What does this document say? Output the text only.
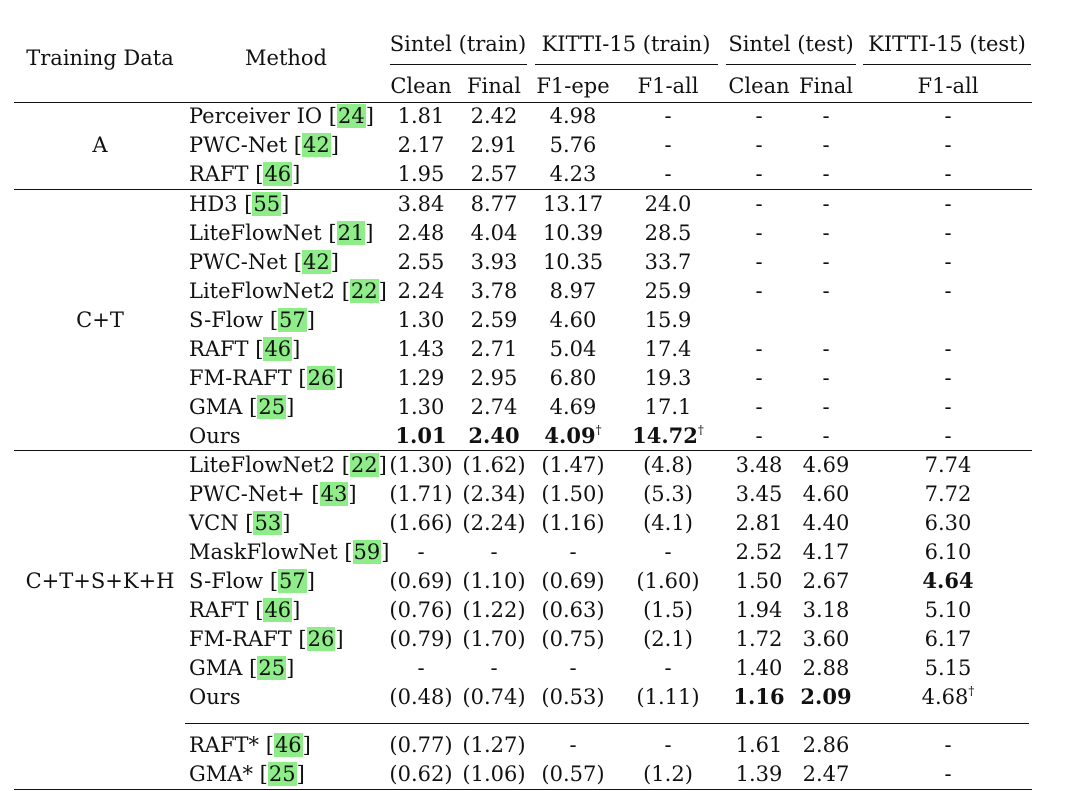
Training Data	Method
Sintel (train) KITTI-15 (train) Sintel (test) KITTI-15 (test)
Clean Final F1-epe F1-all Clean Final	F1-all
A
Perceiver IO [24] 1.81 2.42 4.98	-	-	-	-
PWC-Net [42]	2.17 2.91 5.76	-	-	-	-
RAFT [46]	1.95 2.57 4.23	-	-	-	-
C+T
HD3 [55]	3.84 8.77 13.17 24.0	-	-	-
LiteFlowNet [21] 2.48 4.04 10.39 28.5	-	-	-
PWC-Net [42]	2.55 3.93 10.35 33.7	-	-	-
LiteFlowNet2 [22] 2.24 3.78 8.97 25.9	-	-	-
S-Flow [57]	1.30 2.59 4.60 15.9
RAFT [46]	1.43 2.71 5.04 17.4	-	-	-
FM-RAFT [26]	1.29 2.95 6.80 19.3	-	-	-
GMA [25]	1.30 2.74 4.69 17.1	-	-	-
Ours	1.01 2.40 4.09† 14.72† -	-	-
C+T+S+K+H
LiteFlowNet2 [22] (1.30) (1.62) (1.47) (4.8) 3.48 4.69	7.74
PWC-Net+ [43] (1.71) (2.34) (1.50) (5.3) 3.45 4.60	7.72
VCN [53]	(1.66) (2.24) (1.16) (4.1) 2.81 4.40	6.30
MaskFlowNet [59] -	-	-	-	2.52 4.17	6.10
S-Flow [57]	(0.69) (1.10) (0.69) (1.60) 1.50 2.67	4.64
RAFT [46]	(0.76) (1.22) (0.63) (1.5) 1.94 3.18	5.10
FM-RAFT [26] (0.79) (1.70) (0.75) (2.1) 1.72 3.60	6.17
GMA [25]	-	-	-	-	1.40 2.88	5.15
Ours	(0.48) (0.74) (0.53) (1.11) 1.16 2.09	4.68†
RAFT* [46]	(0.77) (1.27) -	-	1.61 2.86	-
GMA* [25]	(0.62) (1.06) (0.57) (1.2) 1.39 2.47	-
